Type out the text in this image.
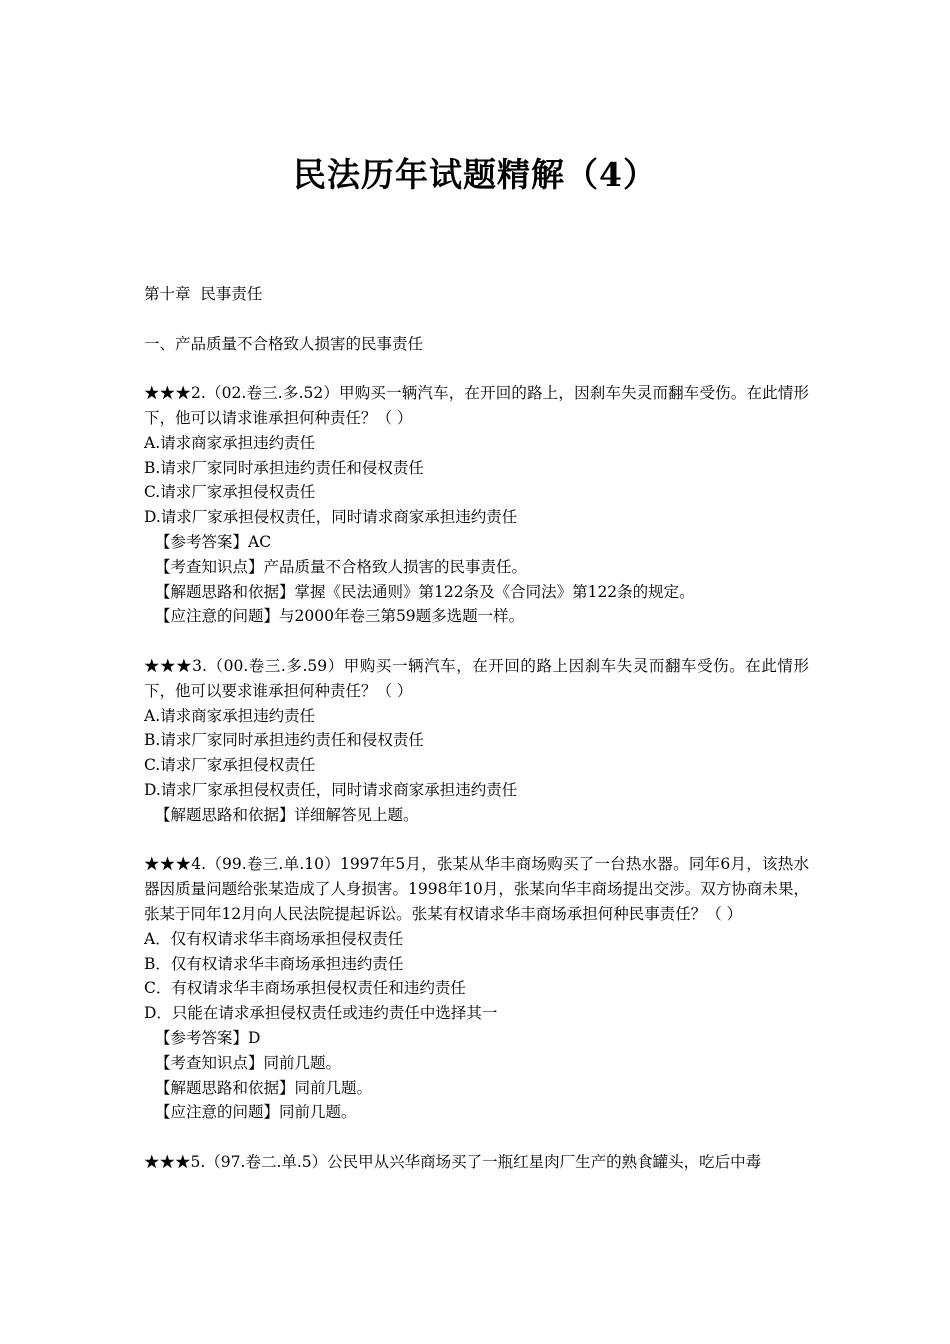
民法历年试题精解（4）
第十章  民事责任
一、产品质量不合格致人损害的民事责任
★★★2.（02.卷三.多.52）甲购买一辆汽车，在开回的路上，因刹车失灵而翻车受伤。在此情形下，他可以请求谁承担何种责任？（ ）
A.请求商家承担违约责任
B.请求厂家同时承担违约责任和侵权责任
C.请求厂家承担侵权责任
D.请求厂家承担侵权责任，同时请求商家承担违约责任
【参考答案】AC
【考查知识点】产品质量不合格致人损害的民事责任。
【解题思路和依据】掌握《民法通则》第122条及《合同法》第122条的规定。
【应注意的问题】与2000年卷三第59题多选题一样。
★★★3.（00.卷三.多.59）甲购买一辆汽车，在开回的路上因刹车失灵而翻车受伤。在此情形下，他可以要求谁承担何种责任？（ ）
A.请求商家承担违约责任
B.请求厂家同时承担违约责任和侵权责任
C.请求厂家承担侵权责任
D.请求厂家承担侵权责任，同时请求商家承担违约责任
【解题思路和依据】详细解答见上题。
★★★4.（99.卷三.单.10）1997年5月，张某从华丰商场购买了一台热水器。同年6月，该热水器因质量问题给张某造成了人身损害。1998年10月，张某向华丰商场提出交涉。双方协商未果，张某于同年12月向人民法院提起诉讼。张某有权请求华丰商场承担何种民事责任？（ ）
A．仅有权请求华丰商场承担侵权责任
B．仅有权请求华丰商场承担违约责任
C．有权请求华丰商场承担侵权责任和违约责任
D．只能在请求承担侵权责任或违约责任中选择其一
【参考答案】D
【考查知识点】同前几题。
【解题思路和依据】同前几题。
【应注意的问题】同前几题。
★★★5.（97.卷二.单.5）公民甲从兴华商场买了一瓶红星肉厂生产的熟食罐头，吃后中毒
